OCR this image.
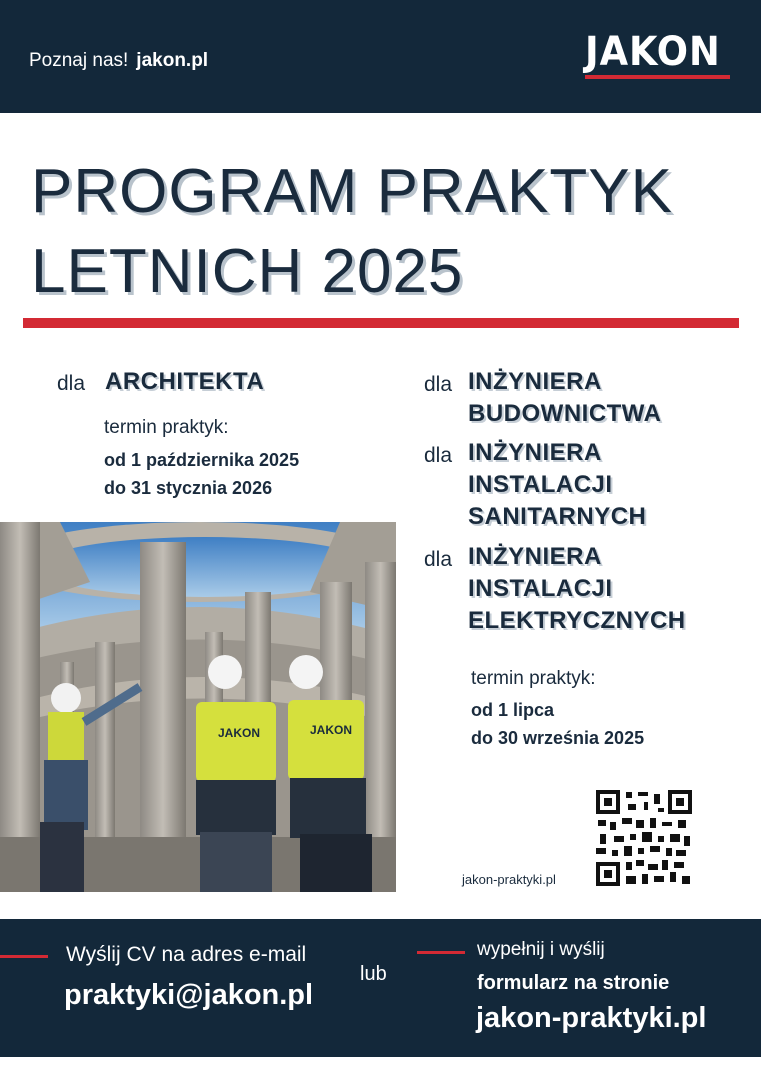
Poznaj nas! jakon.pl	JAKON
PROGRAM PRAKTYK
LETNICH 2025
dla ARCHITEKTA
termin praktyk:
od 1 października 2025
do 31 stycznia 2026
dla INŻYNIERA
BUDOWNICTWA
dla INŻYNIERA
INSTALACJI
SANITARNYCH
dla INŻYNIERA
INSTALACJI
ELEKTRYCZNYCH
termin praktyk:
od 1 lipca
do 30 września 2025
JAKON	JAKON
jakon-praktyki.pl
Wyślij CV na adres e-mail
praktyki@jakon.pl
lub
wypełnij i wyślij
formularz na stronie
jakon-praktyki.pl
